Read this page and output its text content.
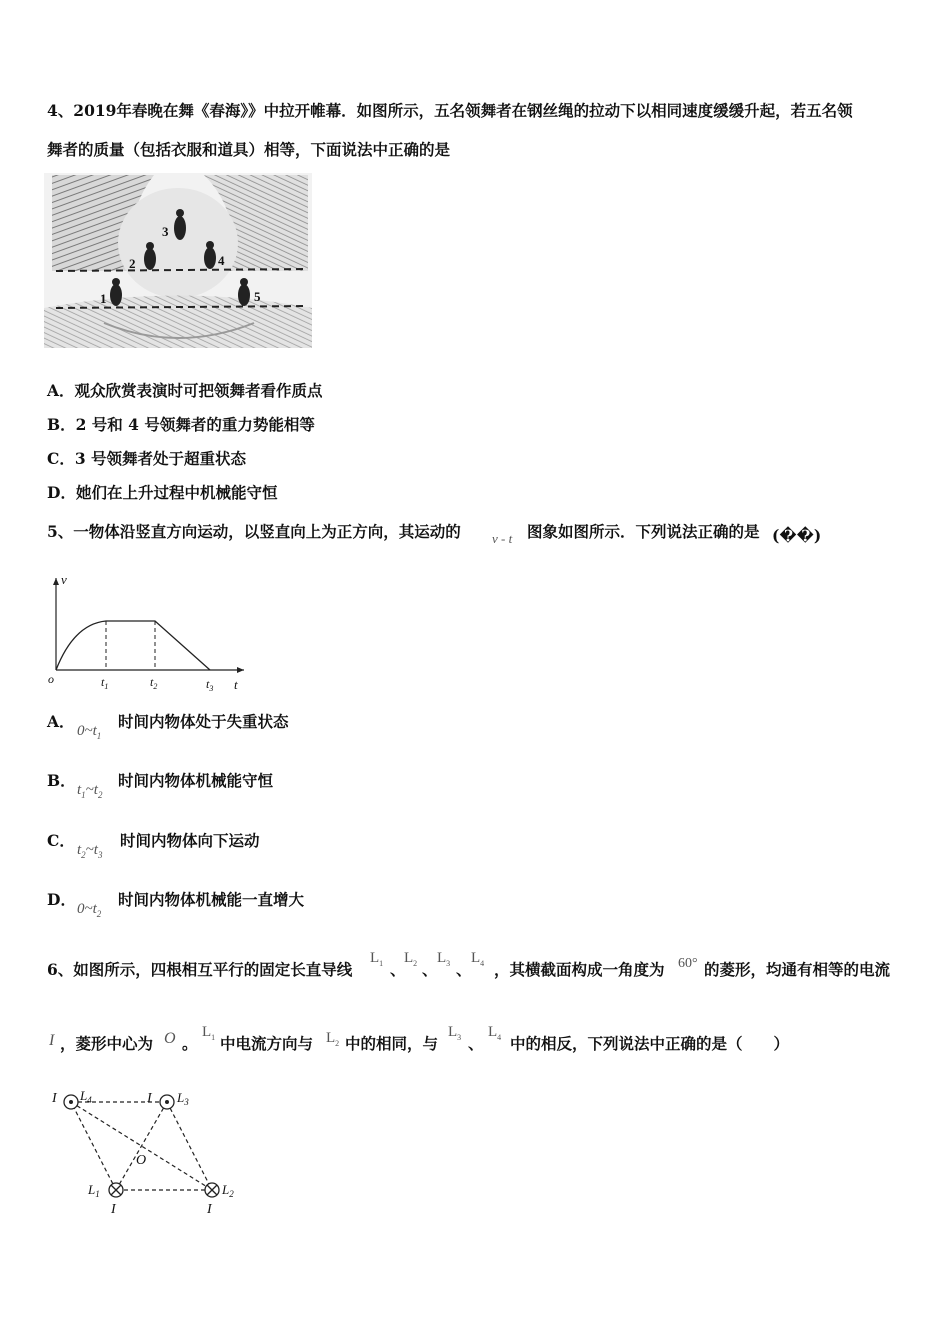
4、2019年春晚在舞《春海》》中拉开帷幕．如图所示，五名领舞者在钢丝绳的拉动下以相同速度缓缓升起，若五名领
舞者的质量（包括衣服和道具）相等，下面说法中正确的是
3
2	4
1	5
A．观众欣赏表演时可把领舞者看作质点
B．2 号和 4 号领舞者的重力势能相等
C．3 号领舞者处于超重状态
D．她们在上升过程中机械能守恒
5、一物体沿竖直方向运动，以竖直向上为正方向，其运动的 v - t 图象如图所示．下列说法正确的是 (��)
v
t
o	$t_1$	$t_2$	$t_3$
A． $0\sim t_1$
时间内物体处于失重状态
B． $t_1\sim t_2$
时间内物体机械能守恒
C． $t_2\sim t_3$
时间内物体向下运动
D． $0\sim t_2$
时间内物体机械能一直增大
6、如图所示，四根相互平行的固定长直导线
$L_1$ 、
$L_2$ 、
$L_3$ 、
$L_4$ ，其横截面构成一角度为 60° 的菱形，均通有相等的电流
I ，菱形中心为 O 。
$L_1$ 中电流方向与 $L_2$ 中的相同，与
$L_3$ 、
$L_4$ 中的相反，下列说法中正确的是（　　）
I $L_4$	I $L_3$
O
$L_1$	$L_2$
I	I
